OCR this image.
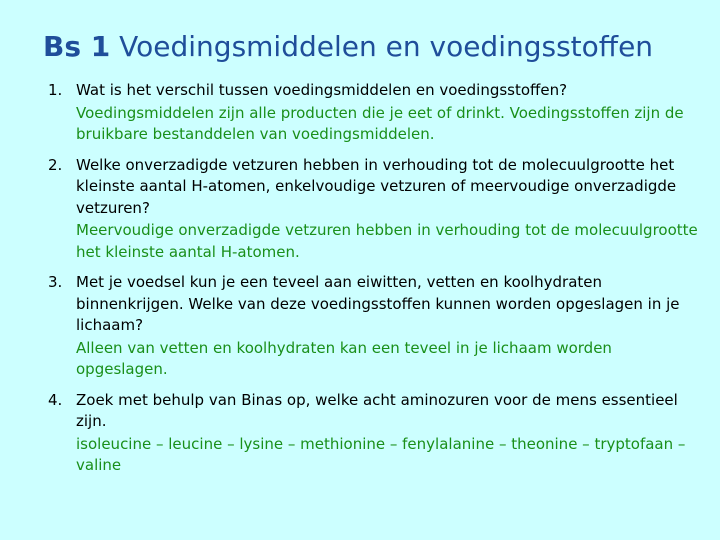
Bs 1 Voedingsmiddelen en voedingsstoffen
1. Wat is het verschil tussen voedingsmiddelen en voedingsstoffen?
Voedingsmiddelen zijn alle producten die je eet of drinkt. Voedingsstoffen zijn de bruikbare bestanddelen van voedingsmiddelen.
2. Welke onverzadigde vetzuren hebben in verhouding tot de molecuulgrootte het kleinste aantal H-atomen, enkelvoudige vetzuren of meervoudige onverzadigde vetzuren?
Meervoudige onverzadigde vetzuren hebben in verhouding tot de molecuulgrootte het kleinste aantal H-atomen.
3. Met je voedsel kun je een teveel aan eiwitten, vetten en koolhydraten binnenkrijgen. Welke van deze voedingsstoffen kunnen worden opgeslagen in je lichaam?
Alleen van vetten en koolhydraten kan een teveel in je lichaam worden opgeslagen.
4. Zoek met behulp van Binas op, welke acht aminozuren voor de mens essentieel zijn.
isoleucine – leucine – lysine – methionine – fenylalanine – theonine – tryptofaan – valine
